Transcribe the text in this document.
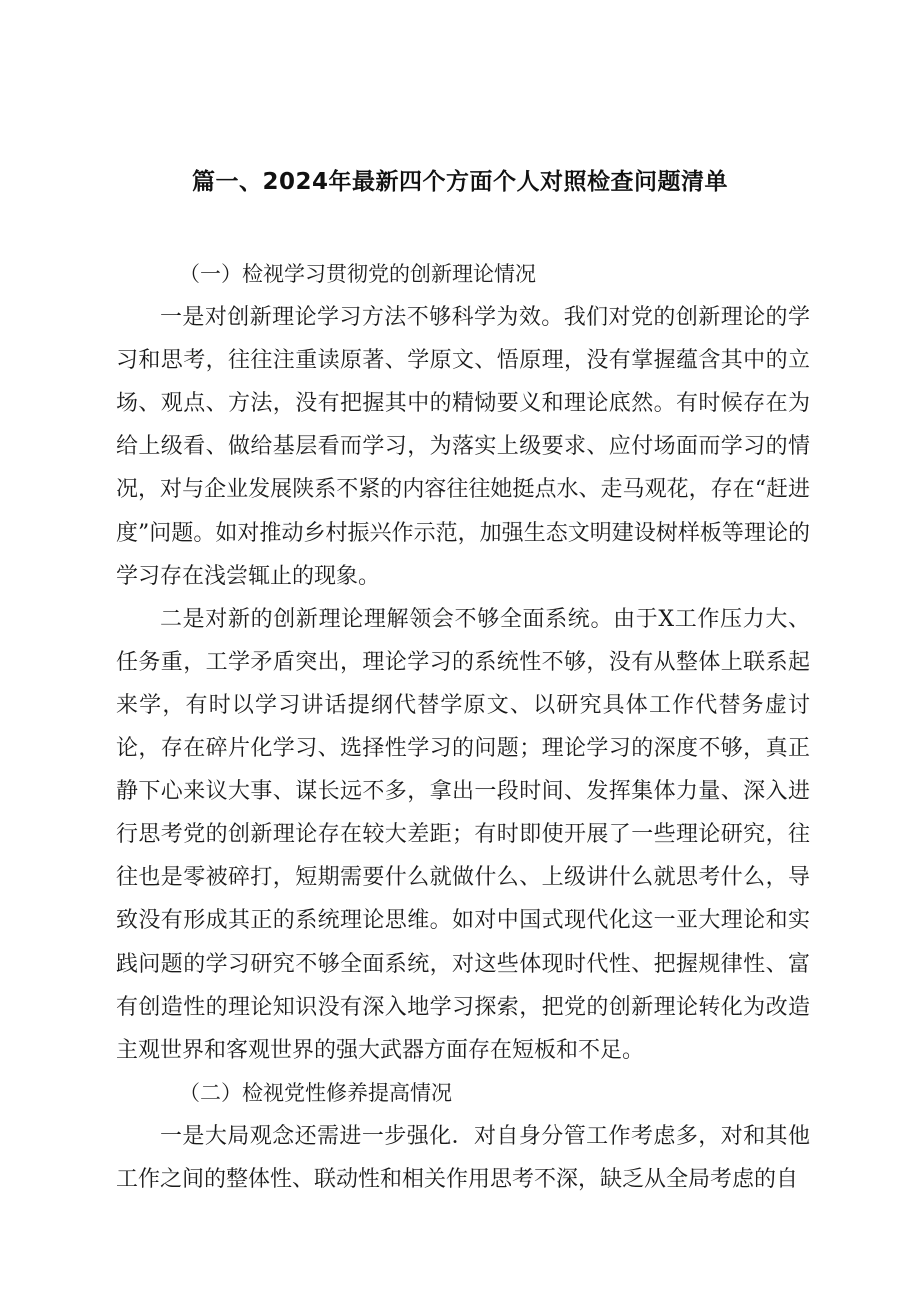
篇一、2024年最新四个方面个人对照检查问题清单

（一）检视学习贯彻党的创新理论情况

一是对创新理论学习方法不够科学为效。我们对党的创新理论的学习和思考，往往注重读原著、学原文、悟原理，没有掌握蕴含其中的立场、观点、方法，没有把握其中的精恸要义和理论底然。有时候存在为给上级看、做给基层看而学习，为落实上级要求、应付场面而学习的情况，对与企业发展陕系不紧的内容往往她挺点水、走马观花，存在“赶进度”问题。如对推动乡村振兴作示范，加强生态文明建设树样板等理论的学习存在浅尝辄止的现象。

二是对新的创新理论理解领会不够全面系统。由于X工作压力大、任务重，工学矛盾突出，理论学习的系统性不够，没有从整体上联系起来学，有时以学习讲话提纲代替学原文、以研究具体工作代替务虚讨论，存在碎片化学习、选择性学习的问题；理论学习的深度不够，真正静下心来议大事、谋长远不多，拿出一段时间、发挥集体力量、深入进行思考党的创新理论存在较大差距；有时即使开展了一些理论研究，往往也是零被碎打，短期需要什么就做什么、上级讲什么就思考什么，导致没有形成其正的系统理论思维。如对中国式现代化这一亚大理论和实践问题的学习研究不够全面系统，对这些体现时代性、把握规律性、富有创造性的理论知识没有深入地学习探索，把党的创新理论转化为改造主观世界和客观世界的强大武器方面存在短板和不足。

（二）检视党性修养提高情况

一是大局观念还需进一步强化．对自身分管工作考虑多，对和其他工作之间的整体性、联动性和相关作用思考不深，缺乏从全局考虑的自
